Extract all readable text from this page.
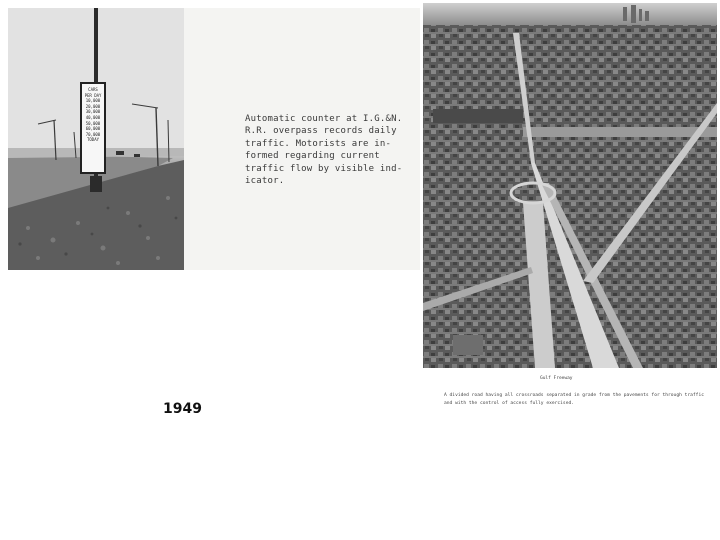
CARS
PER DAY
10,000
20,000
30,000
40,000
50,000
60,000
70,000
TODAY

Automatic counter at I.G.&N.
R.R. overpass records daily
traffic. Motorists are in-
formed regarding current
traffic flow by visible ind-
icator.

Gulf Freeway

A divided road having all crossroads separated in grade from the pavements for through traffic and with the control of access fully exercised.

1949
